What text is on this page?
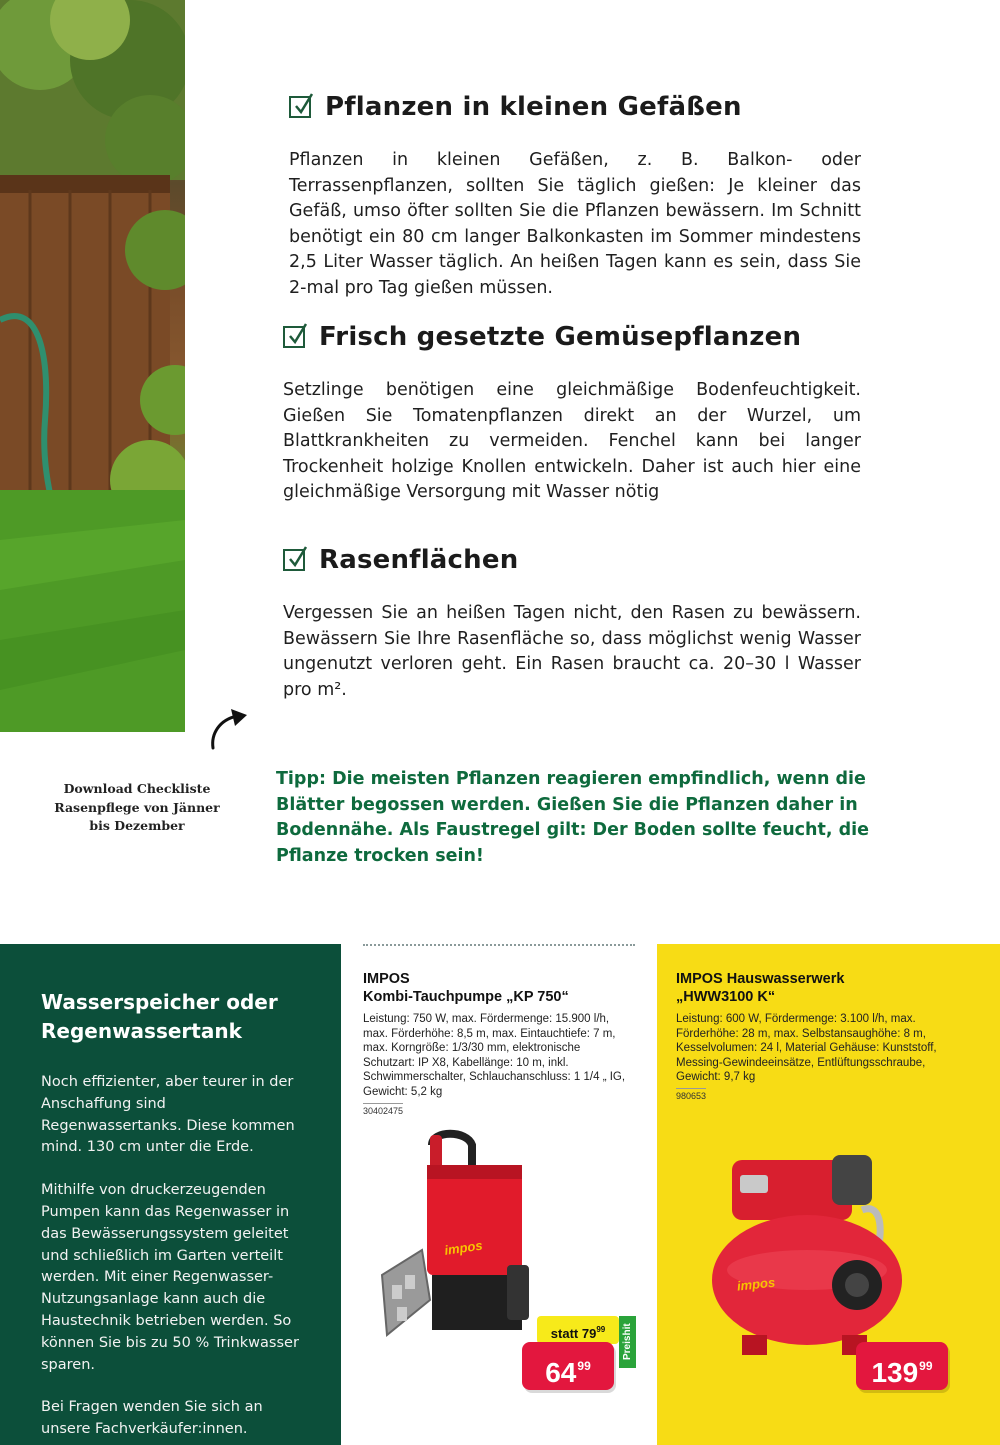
Pflanzen in kleinen Gefäßen

Pflanzen in kleinen Gefäßen, z. B. Balkon- oder Terrassenpflanzen, sollten Sie täglich gießen: Je kleiner das Gefäß, umso öfter sollten Sie die Pflanzen bewässern. Im Schnitt benötigt ein 80 cm langer Balkonkasten im Sommer mindestens 2,5 Liter Wasser täglich. An heißen Tagen kann es sein, dass Sie 2-mal pro Tag gießen müssen.

Frisch gesetzte Gemüsepflanzen

Setzlinge benötigen eine gleichmäßige Bodenfeuchtigkeit. Gießen Sie Tomatenpflanzen direkt an der Wurzel, um Blattkrankheiten zu vermeiden. Fenchel kann bei langer Trockenheit holzige Knollen entwickeln. Daher ist auch hier eine gleichmäßige Versorgung mit Wasser nötig

Rasenflächen

Vergessen Sie an heißen Tagen nicht, den Rasen zu bewässern. Bewässern Sie Ihre Rasenfläche so, dass möglichst wenig Wasser ungenutzt verloren geht. Ein Rasen braucht ca. 20–30 l Wasser pro m².

Download Checkliste Rasenpflege von Jänner bis Dezember

Tipp: Die meisten Pflanzen reagieren empfindlich, wenn die Blätter begossen werden. Gießen Sie die Pflanzen daher in Bodennähe. Als Faustregel gilt: Der Boden sollte feucht, die Pflanze trocken sein!

Wasserspeicher oder Regenwassertank

Noch effizienter, aber teurer in der Anschaffung sind Regenwassertanks. Diese kommen mind. 130 cm unter die Erde.

Mithilfe von druckerzeugenden Pumpen kann das Regenwasser in das Bewässerungssystem geleitet und schließlich im Garten verteilt werden. Mit einer Regenwasser-Nutzungsanlage kann auch die Haustechnik betrieben werden. So können Sie bis zu 50 % Trinkwasser sparen.

Bei Fragen wenden Sie sich an unsere Fachverkäufer:innen.

IMPOS

Kombi-Tauchpumpe „KP 750“

Leistung: 750 W, max. Fördermenge: 15.900 l/h, max. Förderhöhe: 8,5 m, max. Eintauchtiefe: 7 m, max. Korngröße: 1/3/30 mm, elektronische Schutzart: IP X8, Kabellänge: 10 m, inkl. Schwimmerschalter, Schlauchanschluss: 1 1/4 „ IG, Gewicht: 5,2 kg

30402475
impos
statt $79^{99}$	Preishit
$64^{99}$

IMPOS Hauswasserwerk

„HWW3100 K“

Leistung: 600 W, Fördermenge: 3.100 l/h, max. Förderhöhe: 28 m, max. Selbstansaughöhe: 8 m, Kesselvolumen: 24 l, Material Gehäuse: Kunststoff, Messing-Gewindeeinsätze, Entlüftungsschraube, Gewicht: 9,7 kg

980653
impos
$139^{99}$
